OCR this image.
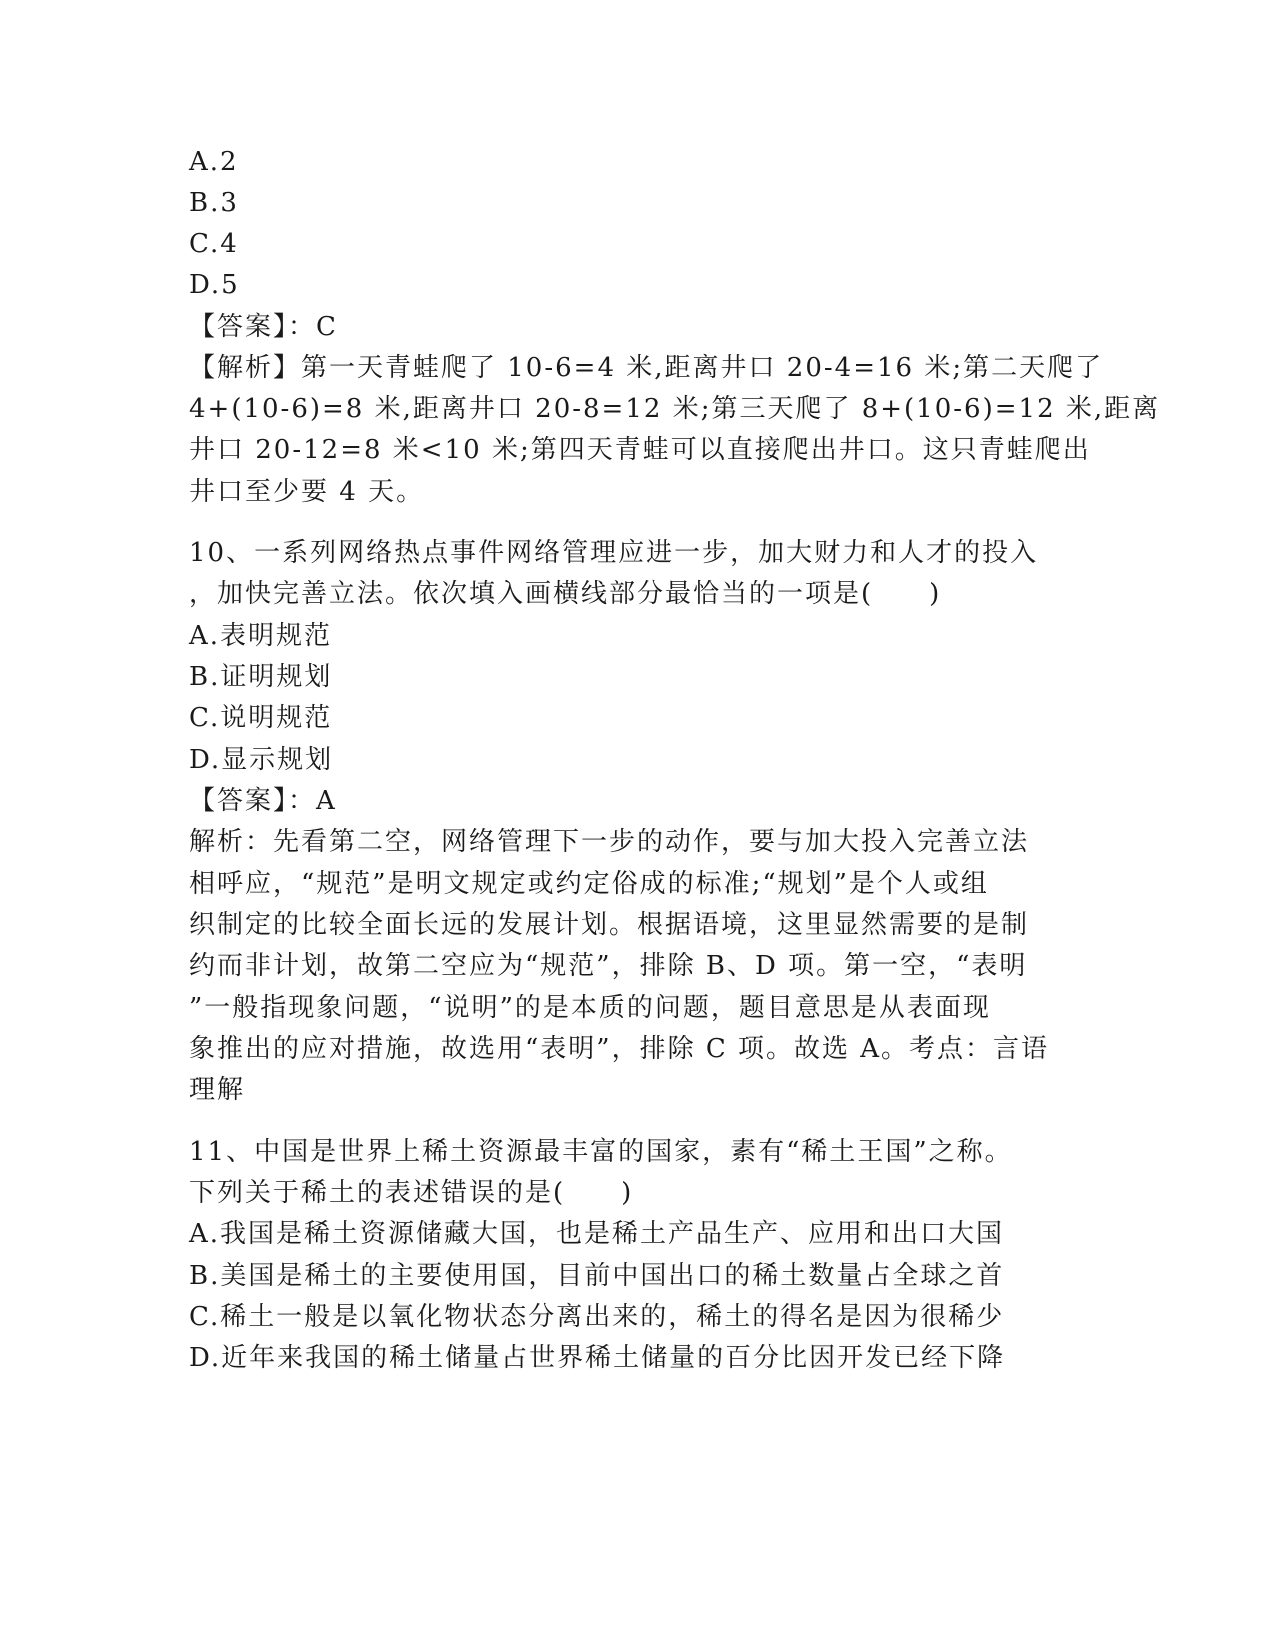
A.2
B.3
C.4
D.5
【答案】：C
【解析】第一天青蛙爬了 10-6=4 米,距离井口 20-4=16 米;第二天爬了
4+(10-6)=8 米,距离井口 20-8=12 米;第三天爬了 8+(10-6)=12 米,距离
井口 20-12=8 米<10 米;第四天青蛙可以直接爬出井口。这只青蛙爬出
井口至少要 4 天。
10、一系列网络热点事件网络管理应进一步，加大财力和人才的投入
，加快完善立法。依次填入画横线部分最恰当的一项是(　　)
A.表明规范
B.证明规划
C.说明规范
D.显示规划
【答案】：A
解析：先看第二空，网络管理下一步的动作，要与加大投入完善立法
相呼应，“规范”是明文规定或约定俗成的标准;“规划”是个人或组
织制定的比较全面长远的发展计划。根据语境，这里显然需要的是制
约而非计划，故第二空应为“规范”，排除 B、D 项。第一空，“表明
”一般指现象问题，“说明”的是本质的问题，题目意思是从表面现
象推出的应对措施，故选用“表明”，排除 C 项。故选 A。考点：言语
理解
11、中国是世界上稀土资源最丰富的国家，素有“稀土王国”之称。
下列关于稀土的表述错误的是(　　)
A.我国是稀土资源储藏大国，也是稀土产品生产、应用和出口大国
B.美国是稀土的主要使用国，目前中国出口的稀土数量占全球之首
C.稀土一般是以氧化物状态分离出来的，稀土的得名是因为很稀少
D.近年来我国的稀土储量占世界稀土储量的百分比因开发已经下降
